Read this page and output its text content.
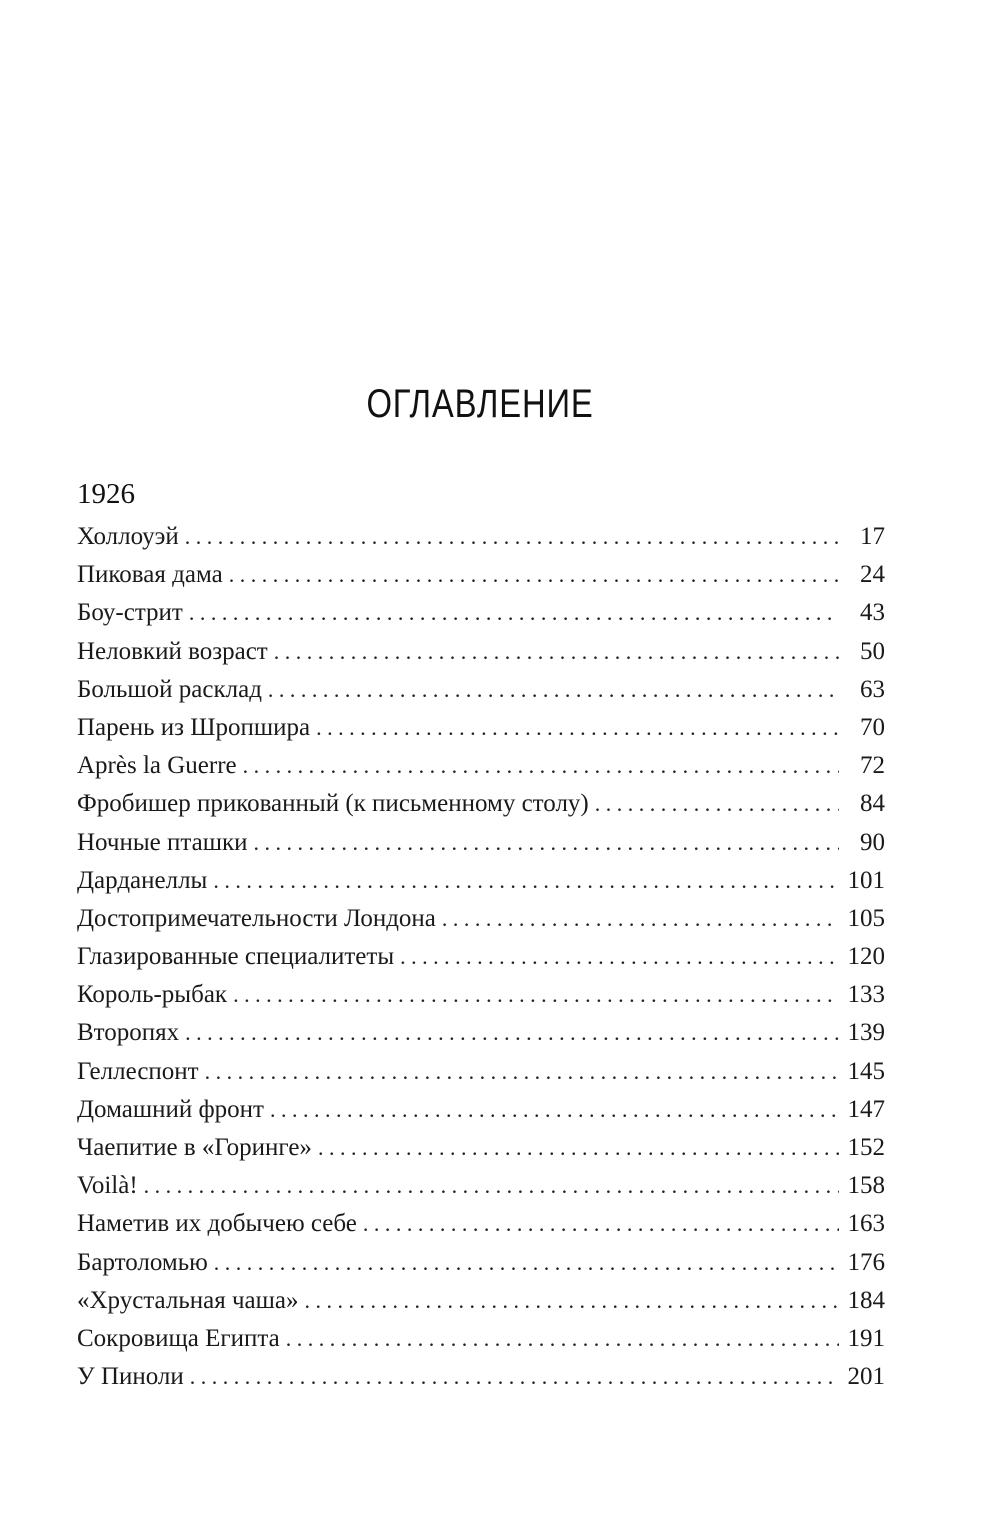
ОГЛАВЛЕНИЕ
1926
Холлоуэй . . .	17
Пиковая дама . . .	24
Боу-стрит . . .	43
Неловкий возраст . . .	50
Большой расклад . . .	63
Парень из Шропшира . . .	70
Après la Guerre . . .	72
Фробишер прикованный (к письменному столу) . . .	84
Ночные пташки . . .	90
Дарданеллы . . .	101
Достопримечательности Лондона . . .	105
Глазированные специалитеты . . .	120
Король-рыбак . . .	133
Второпях . . .	139
Геллеспонт . . .	145
Домашний фронт . . .	147
Чаепитие в «Горинге» . . .	152
Voilà! . . .	158
Наметив их добычею себе . . .	163
Бартоломью . . .	176
«Хрустальная чаша» . . .	184
Сокровища Египта . . .	191
У Пиноли . . .	201
